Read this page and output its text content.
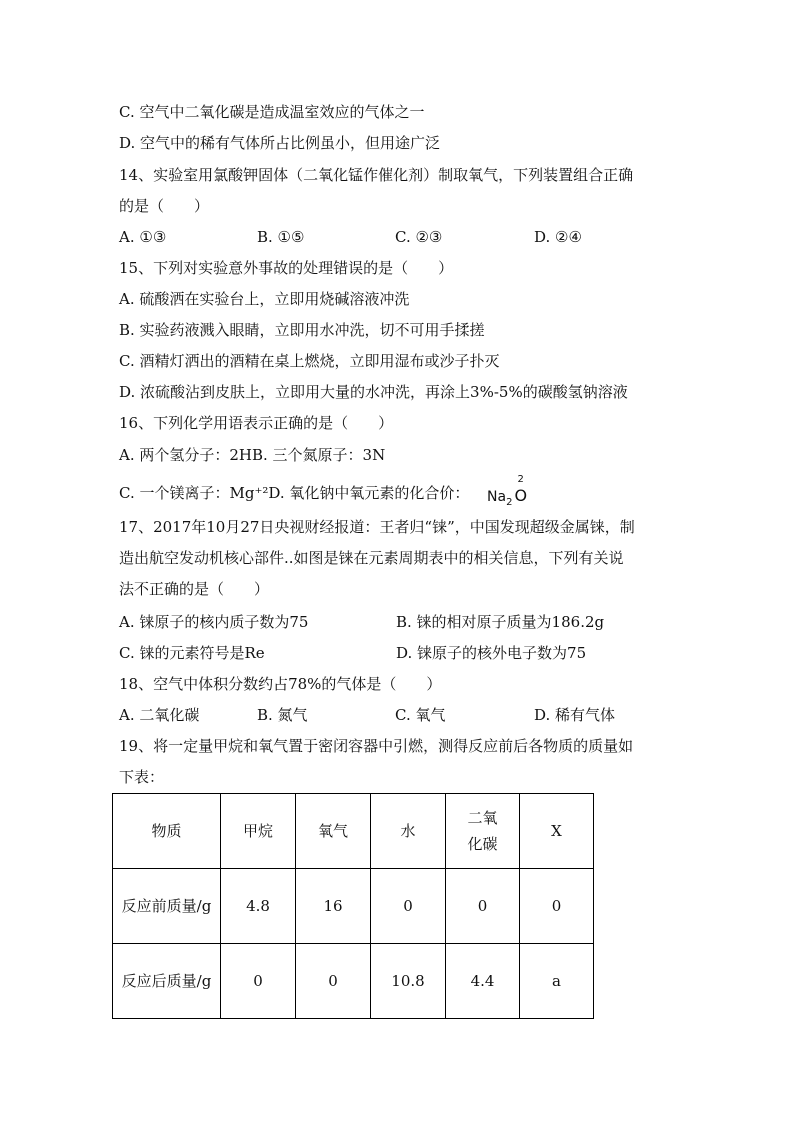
C. 空气中二氧化碳是造成温室效应的气体之一
D. 空气中的稀有气体所占比例虽小，但用途广泛
14、实验室用氯酸钾固体（二氧化锰作催化剂）制取氧气，下列装置组合正确
的是（　　）
A. ①③	B. ①⑤	C. ②③	D. ②④
15、下列对实验意外事故的处理错误的是（　　）
A. 硫酸洒在实验台上，立即用烧碱溶液冲洗
B. 实验药液溅入眼睛，立即用水冲洗，切不可用手揉搓
C. 酒精灯洒出的酒精在桌上燃烧，立即用湿布或沙子扑灭
D. 浓硫酸沾到皮肤上，立即用大量的水冲洗，再涂上3%-5%的碳酸氢钠溶液
16、下列化学用语表示正确的是（　　）
A. 两个氢分子：2HB. 三个氮原子：3N
C. 一个镁离子：Mg⁺²D. 氧化钠中氧元素的化合价： $Na_2$ O
2
17、2017年10月27日央视财经报道：王者归“铼”，中国发现超级金属铼，制
造出航空发动机核心部件..如图是铼在元素周期表中的相关信息，下列有关说
法不正确的是（　　）
A. 铼原子的核内质子数为75	B. 铼的相对原子质量为186.2g
C. 铼的元素符号是Re	D. 铼原子的核外电子数为75
18、空气中体积分数约占78%的气体是（　　）
A. 二氧化碳	B. 氮气	C. 氧气	D. 稀有气体
19、将一定量甲烷和氧气置于密闭容器中引燃，测得反应前后各物质的质量如
下表：
物质	甲烷	氧气	水	二氧化碳	X
反应前质量/g	4.8	16	0	0	0
反应后质量/g	0	0	10.8	4.4	a
